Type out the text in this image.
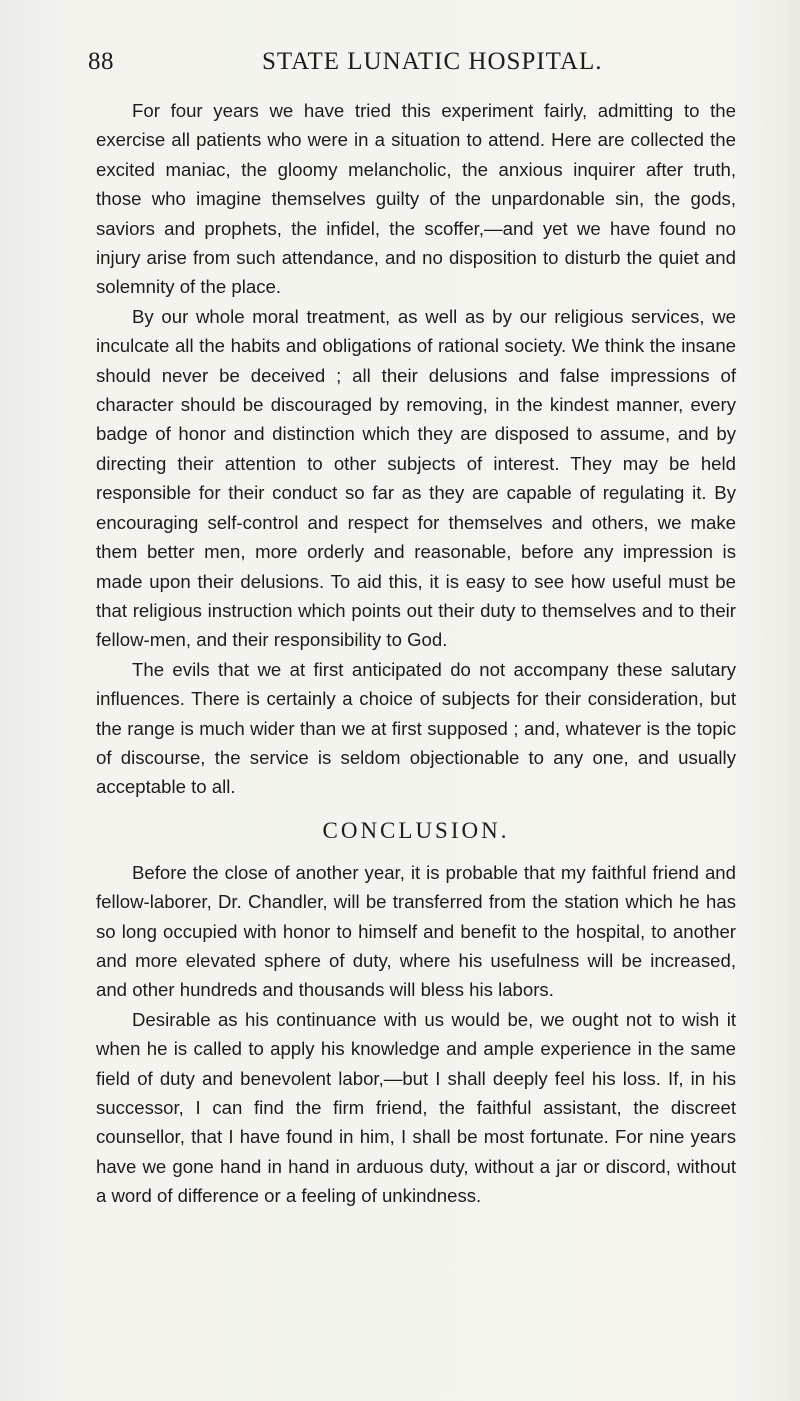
88	STATE LUNATIC HOSPITAL.

For four years we have tried this experiment fairly, admitting to the exercise all patients who were in a situation to attend. Here are collected the excited maniac, the gloomy melancholic, the anxious inquirer after truth, those who imagine themselves guilty of the unpardonable sin, the gods, saviors and prophets, the infidel, the scoffer,—and yet we have found no injury arise from such attendance, and no disposition to disturb the quiet and solemnity of the place.

By our whole moral treatment, as well as by our religious services, we inculcate all the habits and obligations of rational society. We think the insane should never be deceived ; all their delusions and false impressions of character should be discouraged by removing, in the kindest manner, every badge of honor and distinction which they are disposed to assume, and by directing their attention to other subjects of interest. They may be held responsible for their conduct so far as they are capable of regulating it. By encouraging self-control and respect for themselves and others, we make them better men, more orderly and reasonable, before any impression is made upon their delusions. To aid this, it is easy to see how useful must be that religious instruction which points out their duty to themselves and to their fellow-men, and their responsibility to God.

The evils that we at first anticipated do not accompany these salutary influences. There is certainly a choice of subjects for their consideration, but the range is much wider than we at first supposed ; and, whatever is the topic of discourse, the service is seldom objectionable to any one, and usually acceptable to all.

CONCLUSION.

Before the close of another year, it is probable that my faithful friend and fellow-laborer, Dr. Chandler, will be transferred from the station which he has so long occupied with honor to himself and benefit to the hospital, to another and more elevated sphere of duty, where his usefulness will be increased, and other hundreds and thousands will bless his labors.

Desirable as his continuance with us would be, we ought not to wish it when he is called to apply his knowledge and ample experience in the same field of duty and benevolent labor,—but I shall deeply feel his loss. If, in his successor, I can find the firm friend, the faithful assistant, the discreet counsellor, that I have found in him, I shall be most fortunate. For nine years have we gone hand in hand in arduous duty, without a jar or discord, without a word of difference or a feeling of unkindness.
